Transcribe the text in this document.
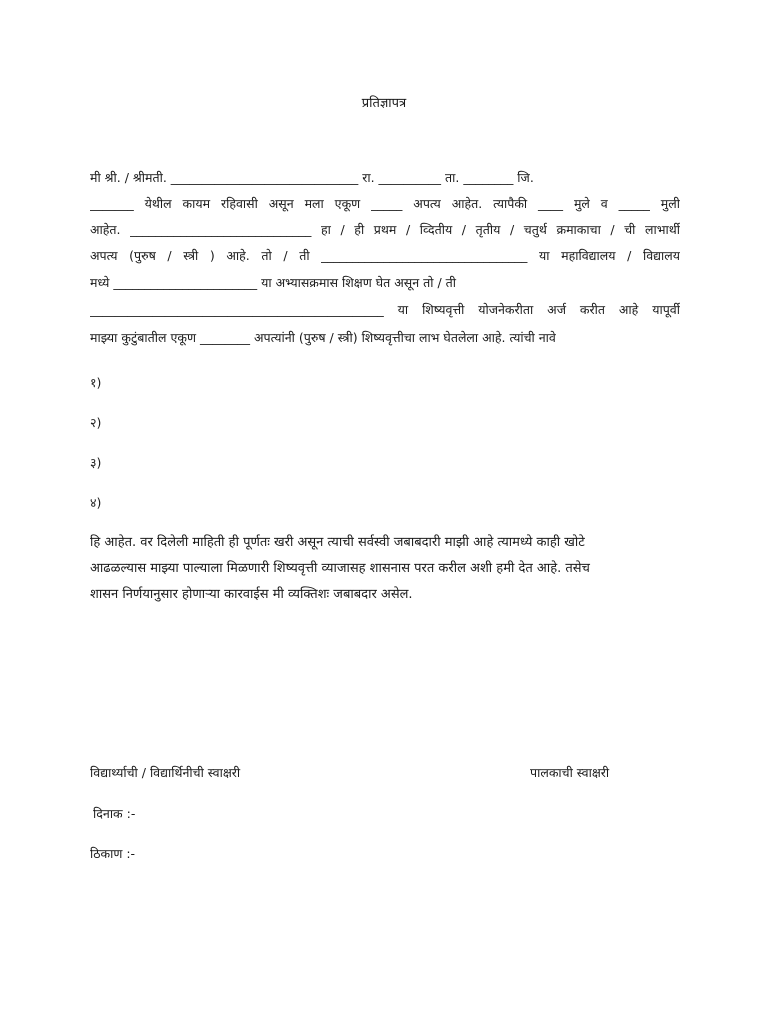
प्रतिज्ञापत्र
मी श्री. / श्रीमती. ______________________________ रा. __________ ता. ________ जि.
_______ येथील कायम रहिवासी असून मला एकूण _____ अपत्य आहेत. त्यापैकी ____ मुले व _____ मुली
आहेत. _____________________________ हा / ही प्रथम / व्दितीय / तृतीय / चतुर्थ क्रमाकाचा / ची लाभार्थी
अपत्य (पुरुष / स्त्री ) आहे. तो / ती _________________________________ या महाविद्यालय / विद्यालय
मध्ये _______________________ या अभ्यासक्रमास शिक्षण घेत असून तो / ती
_______________________________________________ या शिष्यवृत्ती योजनेकरीता अर्ज करीत आहे यापूर्वी
माझ्या कुटुंबातील एकूण ________ अपत्यांनी (पुरुष / स्त्री) शिष्यवृत्तीचा लाभ घेतलेला आहे. त्यांची नावे
१)
२)
३)
४)
हि आहेत. वर दिलेली माहिती ही पूर्णतः खरी असून त्याची सर्वस्वी जबाबदारी माझी आहे त्यामध्ये काही खोटे
आढळल्यास माझ्या पाल्याला मिळणारी शिष्यवृत्ती व्याजासह शासनास परत करील अशी हमी देत आहे. तसेच
शासन निर्णयानुसार होणाऱ्या कारवाईस मी व्यक्तिशः जबाबदार असेल.
विद्यार्थ्याची / विद्यार्थिनीची स्वाक्षरी	पालकाची स्वाक्षरी
दिनाक :-
ठिकाण :-
